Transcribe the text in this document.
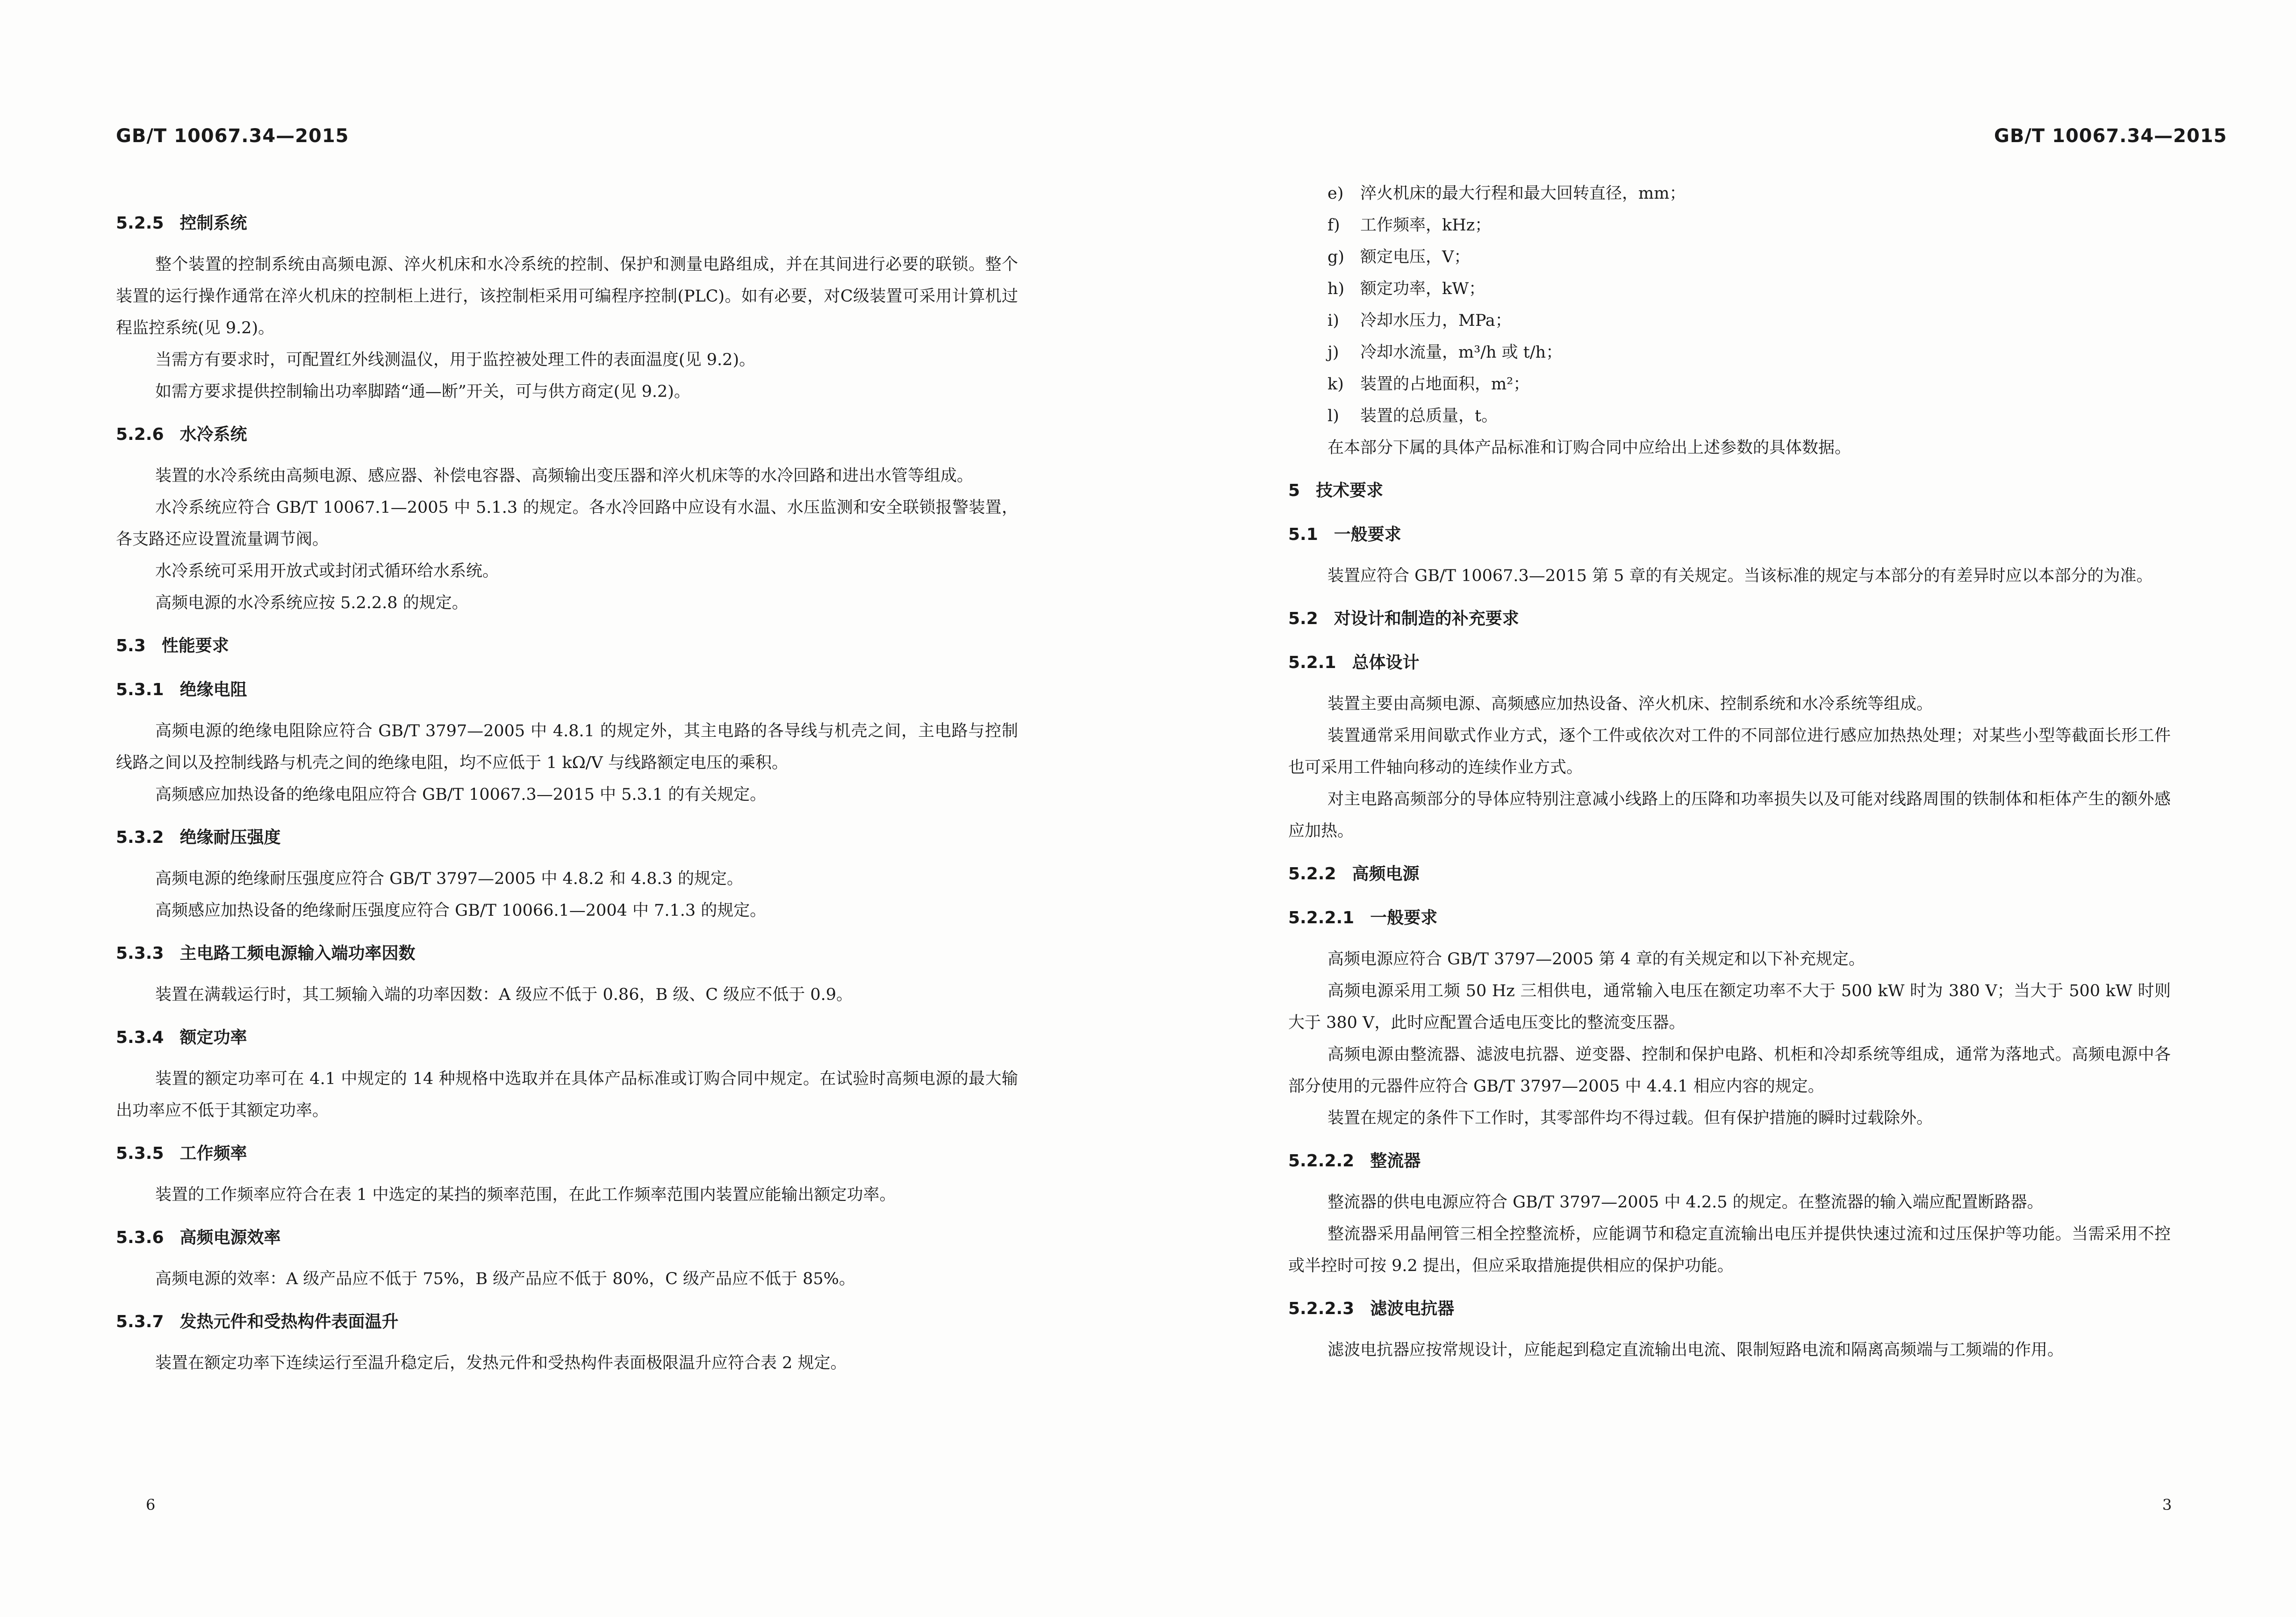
GB/T 10067.34—2015
5.2.5 控制系统

整个装置的控制系统由高频电源、淬火机床和水冷系统的控制、保护和测量电路组成，并在其间进行必要的联锁。整个装置的运行操作通常在淬火机床的控制柜上进行，该控制柜采用可编程序控制(PLC)。如有必要，对C级装置可采用计算机过程监控系统(见 9.2)。

当需方有要求时，可配置红外线测温仪，用于监控被处理工件的表面温度(见 9.2)。

如需方要求提供控制输出功率脚踏“通—断”开关，可与供方商定(见 9.2)。

5.2.6 水冷系统

装置的水冷系统由高频电源、感应器、补偿电容器、高频输出变压器和淬火机床等的水冷回路和进出水管等组成。

水冷系统应符合 GB/T 10067.1—2005 中 5.1.3 的规定。各水冷回路中应设有水温、水压监测和安全联锁报警装置，各支路还应设置流量调节阀。

水冷系统可采用开放式或封闭式循环给水系统。

高频电源的水冷系统应按 5.2.2.8 的规定。

5.3 性能要求
5.3.1 绝缘电阻

高频电源的绝缘电阻除应符合 GB/T 3797—2005 中 4.8.1 的规定外，其主电路的各导线与机壳之间，主电路与控制线路之间以及控制线路与机壳之间的绝缘电阻，均不应低于 1 kΩ/V 与线路额定电压的乘积。

高频感应加热设备的绝缘电阻应符合 GB/T 10067.3—2015 中 5.3.1 的有关规定。

5.3.2 绝缘耐压强度

高频电源的绝缘耐压强度应符合 GB/T 3797—2005 中 4.8.2 和 4.8.3 的规定。

高频感应加热设备的绝缘耐压强度应符合 GB/T 10066.1—2004 中 7.1.3 的规定。

5.3.3 主电路工频电源输入端功率因数

装置在满载运行时，其工频输入端的功率因数：A 级应不低于 0.86，B 级、C 级应不低于 0.9。

5.3.4 额定功率

装置的额定功率可在 4.1 中规定的 14 种规格中选取并在具体产品标准或订购合同中规定。在试验时高频电源的最大输出功率应不低于其额定功率。

5.3.5 工作频率

装置的工作频率应符合在表 1 中选定的某挡的频率范围，在此工作频率范围内装置应能输出额定功率。

5.3.6 高频电源效率

高频电源的效率：A 级产品应不低于 75%，B 级产品应不低于 80%，C 级产品应不低于 85%。

5.3.7 发热元件和受热构件表面温升

装置在额定功率下连续运行至温升稳定后，发热元件和受热构件表面极限温升应符合表 2 规定。

6
GB/T 10067.34—2015
e) 淬火机床的最大行程和最大回转直径，mm；
f) 工作频率，kHz；
g) 额定电压，V；
h) 额定功率，kW；
i) 冷却水压力，MPa；
j) 冷却水流量，m³/h 或 t/h；
k) 装置的占地面积，m²；
l) 装置的总质量，t。

在本部分下属的具体产品标准和订购合同中应给出上述参数的具体数据。

5 技术要求
5.1 一般要求

装置应符合 GB/T 10067.3—2015 第 5 章的有关规定。当该标准的规定与本部分的有差异时应以本部分的为准。

5.2 对设计和制造的补充要求
5.2.1 总体设计

装置主要由高频电源、高频感应加热设备、淬火机床、控制系统和水冷系统等组成。

装置通常采用间歇式作业方式，逐个工件或依次对工件的不同部位进行感应加热热处理；对某些小型等截面长形工件也可采用工件轴向移动的连续作业方式。

对主电路高频部分的导体应特别注意减小线路上的压降和功率损失以及可能对线路周围的铁制体和柜体产生的额外感应加热。

5.2.2 高频电源
5.2.2.1 一般要求

高频电源应符合 GB/T 3797—2005 第 4 章的有关规定和以下补充规定。

高频电源采用工频 50 Hz 三相供电，通常输入电压在额定功率不大于 500 kW 时为 380 V；当大于 500 kW 时则大于 380 V，此时应配置合适电压变比的整流变压器。

高频电源由整流器、滤波电抗器、逆变器、控制和保护电路、机柜和冷却系统等组成，通常为落地式。高频电源中各部分使用的元器件应符合 GB/T 3797—2005 中 4.4.1 相应内容的规定。

装置在规定的条件下工作时，其零部件均不得过载。但有保护措施的瞬时过载除外。

5.2.2.2 整流器

整流器的供电电源应符合 GB/T 3797—2005 中 4.2.5 的规定。在整流器的输入端应配置断路器。

整流器采用晶闸管三相全控整流桥，应能调节和稳定直流输出电压并提供快速过流和过压保护等功能。当需采用不控或半控时可按 9.2 提出，但应采取措施提供相应的保护功能。

5.2.2.3 滤波电抗器

滤波电抗器应按常规设计，应能起到稳定直流输出电流、限制短路电流和隔离高频端与工频端的作用。

3
